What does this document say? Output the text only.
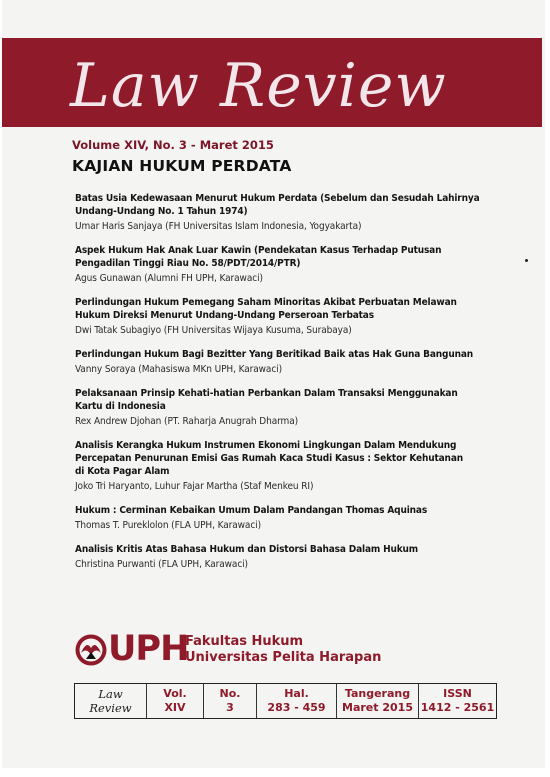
Law Review
Volume XIV, No. 3 - Maret 2015
KAJIAN HUKUM PERDATA
Batas Usia Kedewasaan Menurut Hukum Perdata (Sebelum dan Sesudah Lahirnya
Undang-Undang No. 1 Tahun 1974)
Umar Haris Sanjaya (FH Universitas Islam Indonesia, Yogyakarta)
Aspek Hukum Hak Anak Luar Kawin (Pendekatan Kasus Terhadap Putusan
Pengadilan Tinggi Riau No. 58/PDT/2014/PTR)
Agus Gunawan (Alumni FH UPH, Karawaci)
Perlindungan Hukum Pemegang Saham Minoritas Akibat Perbuatan Melawan
Hukum Direksi Menurut Undang-Undang Perseroan Terbatas
Dwi Tatak Subagiyo (FH Universitas Wijaya Kusuma, Surabaya)
Perlindungan Hukum Bagi Bezitter Yang Beritikad Baik atas Hak Guna Bangunan
Vanny Soraya (Mahasiswa MKn UPH, Karawaci)
Pelaksanaan Prinsip Kehati-hatian Perbankan Dalam Transaksi Menggunakan
Kartu di Indonesia
Rex Andrew Djohan (PT. Raharja Anugrah Dharma)
Analisis Kerangka Hukum Instrumen Ekonomi Lingkungan Dalam Mendukung
Percepatan Penurunan Emisi Gas Rumah Kaca Studi Kasus : Sektor Kehutanan
di Kota Pagar Alam
Joko Tri Haryanto, Luhur Fajar Martha (Staf Menkeu RI)
Hukum : Cerminan Kebaikan Umum Dalam Pandangan Thomas Aquinas
Thomas T. Pureklolon (FLA UPH, Karawaci)
Analisis Kritis Atas Bahasa Hukum dan Distorsi Bahasa Dalam Hukum
Christina Purwanti (FLA UPH, Karawaci)
UPH
Fakultas Hukum
Universitas Pelita Harapan
Law
Review
Vol.
XIV
No.
3
Hal.
283 - 459
Tangerang
Maret 2015
ISSN
1412 - 2561
